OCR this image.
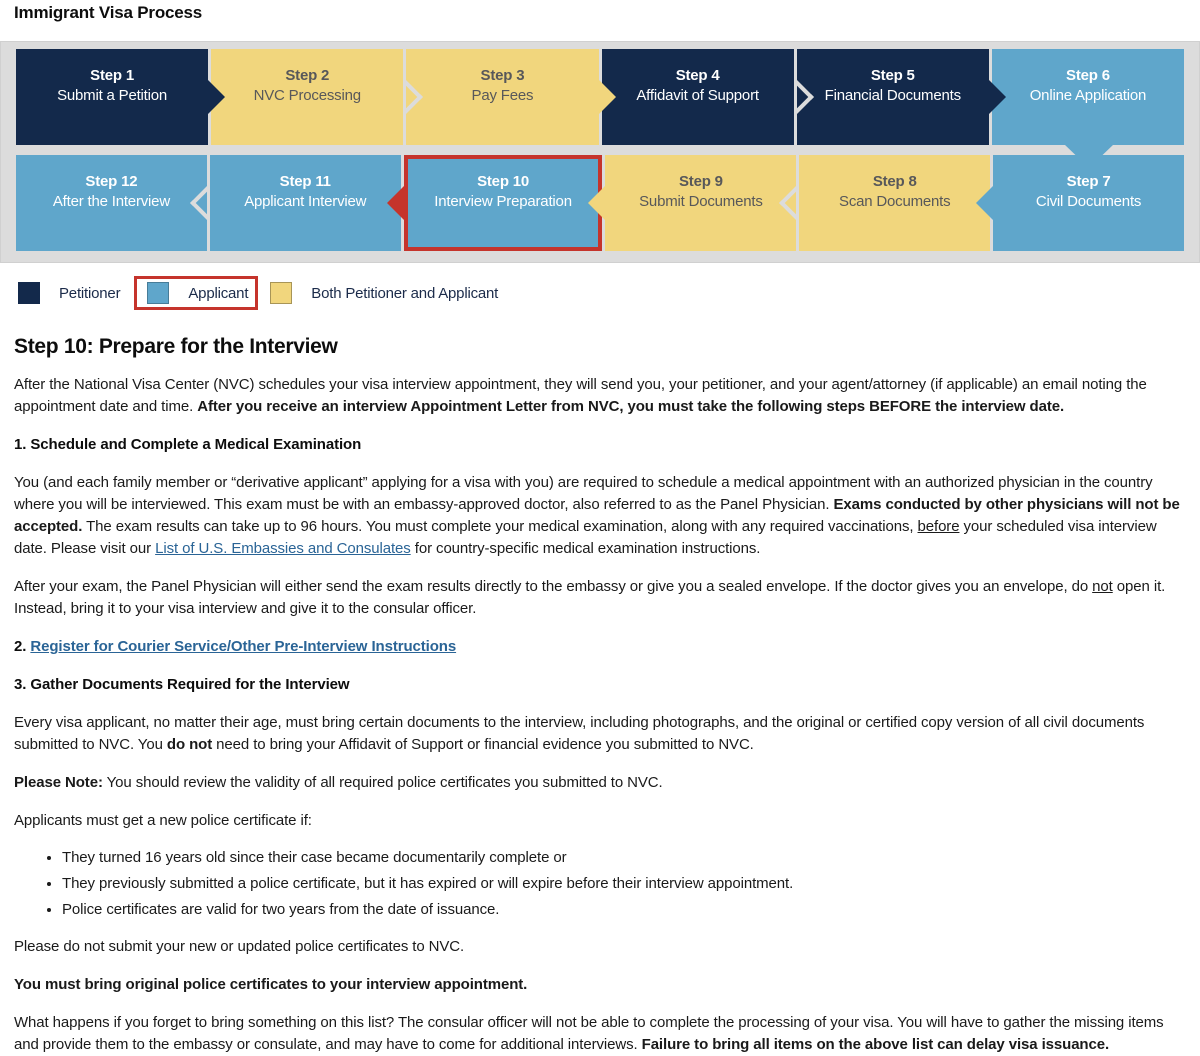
Immigrant Visa Process
Step 1
Submit a Petition
Step 2
NVC Processing
Step 3
Pay Fees
Step 4
Affidavit of Support
Step 5
Financial Documents
Step 6
Online Application
Step 12
After the Interview
Step 11
Applicant Interview
Step 10
Interview Preparation
Step 9
Submit Documents
Step 8
Scan Documents
Step 7
Civil Documents
Petitioner	Applicant	Both Petitioner and Applicant
Step 10: Prepare for the Interview

After the National Visa Center (NVC) schedules your visa interview appointment, they will send you, your petitioner, and your agent/attorney (if applicable) an email noting the appointment date and time. After you receive an interview Appointment Letter from NVC, you must take the following steps BEFORE the interview date.

1. Schedule and Complete a Medical Examination

You (and each family member or “derivative applicant” applying for a visa with you) are required to schedule a medical appointment with an authorized physician in the country where you will be interviewed. This exam must be with an embassy-approved doctor, also referred to as the Panel Physician. Exams conducted by other physicians will not be accepted. The exam results can take up to 96 hours. You must complete your medical examination, along with any required vaccinations, before your scheduled visa interview date. Please visit our List of U.S. Embassies and Consulates for country-specific medical examination instructions.

After your exam, the Panel Physician will either send the exam results directly to the embassy or give you a sealed envelope. If the doctor gives you an envelope, do not open it. Instead, bring it to your visa interview and give it to the consular officer.

2. Register for Courier Service/Other Pre-Interview Instructions
3. Gather Documents Required for the Interview

Every visa applicant, no matter their age, must bring certain documents to the interview, including photographs, and the original or certified copy version of all civil documents submitted to NVC. You do not need to bring your Affidavit of Support or financial evidence you submitted to NVC.

Please Note: You should review the validity of all required police certificates you submitted to NVC.

Applicants must get a new police certificate if:

• They turned 16 years old since their case became documentarily complete or
• They previously submitted a police certificate, but it has expired or will expire before their interview appointment.
• Police certificates are valid for two years from the date of issuance.

Please do not submit your new or updated police certificates to NVC.

You must bring original police certificates to your interview appointment.

What happens if you forget to bring something on this list? The consular officer will not be able to complete the processing of your visa. You will have to gather the missing items and provide them to the embassy or consulate, and may have to come for additional interviews. Failure to bring all items on the above list can delay visa issuance.
